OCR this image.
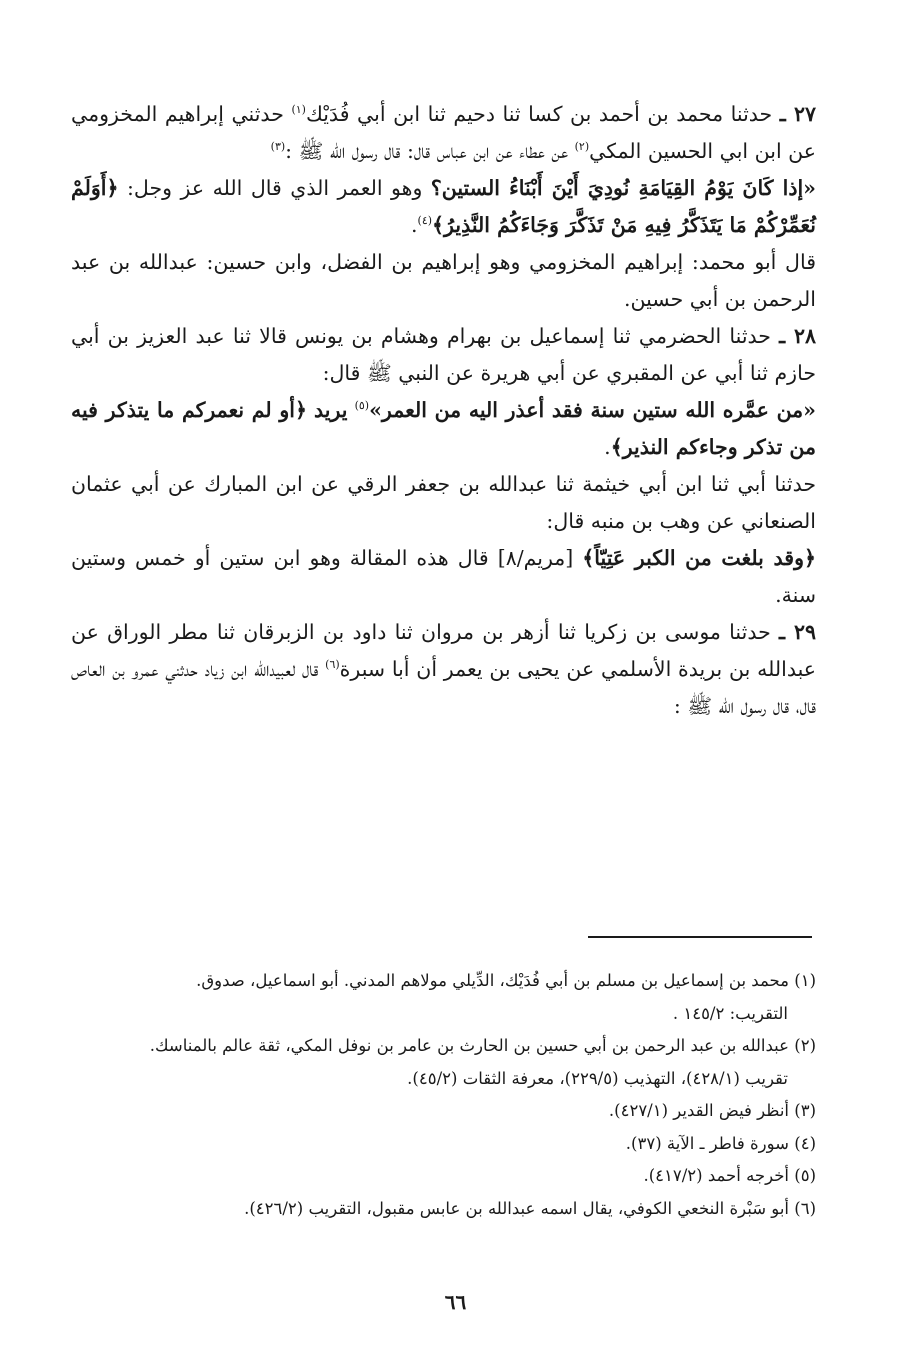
٢٧ ـ حدثنا محمد بن أحمد بن كسا ثنا دحيم ثنا ابن أبي فُدَيْك$^{(١)}$ حدثني إبراهيم المخزومي عن ابن ابي الحسين المكي$^{(٢)}$ عن عطاء عن ابن عباس قال: قال رسول الله ﷺ :$^{(٣)}$

«إذا كَانَ يَوْمُ القِيَامَةِ نُودِيَ أَيْنَ أَبْنَاءُ الستين؟ وهو العمر الذي قال الله عز وجل: ﴿أَوَلَمْ نُعَمِّرْكُمْ مَا يَتَذَكَّرُ فِيهِ مَنْ تَذَكَّرَ وَجَاءَكُمُ النَّذِيرُ﴾$^{(٤)}$.

قال أبو محمد: إبراهيم المخزومي وهو إبراهيم بن الفضل، وابن حسين: عبدالله بن عبد الرحمن بن أبي حسين.

٢٨ ـ حدثنا الحضرمي ثنا إسماعيل بن بهرام وهشام بن يونس قالا ثنا عبد العزيز بن أبي حازم ثنا أبي عن المقبري عن أبي هريرة عن النبي ﷺ قال:

«من عمَّره الله ستين سنة فقد أعذر اليه من العمر»$^{(٥)}$ يريد ﴿أو لم نعمركم ما يتذكر فيه من تذكر وجاءكم النذير﴾.

حدثنا أبي ثنا ابن أبي خيثمة ثنا عبدالله بن جعفر الرقي عن ابن المبارك عن أبي عثمان الصنعاني عن وهب بن منبه قال:

﴿وقد بلغت من الكبر عَتِيّاً﴾ [مريم/٨] قال هذه المقالة وهو ابن ستين أو خمس وستين سنة.

٢٩ ـ حدثنا موسى بن زكريا ثنا أزهر بن مروان ثنا داود بن الزبرقان ثنا مطر الوراق عن عبدالله بن بريدة الأسلمي عن يحيى بن يعمر أن أبا سبرة$^{(٦)}$ قال لعبيدالله ابن زياد حدثني عمرو بن العاص قال، قال رسول الله ﷺ :

(١) محمد بن إسماعيل بن مسلم بن أبي فُدَيْك، الدِّيلي مولاهم المدني. أبو اسماعيل، صدوق.

التقريب: ١٤٥/٢ .

(٢) عبدالله بن عبد الرحمن بن أبي حسين بن الحارث بن عامر بن نوفل المكي، ثقة عالم بالمناسك.

تقريب (٤٢٨/١)، التهذيب (٢٢٩/٥)، معرفة الثقات (٤٥/٢).

(٣) أنظر فيض القدير (٤٢٧/١).

(٤) سورة فاطر ـ الآية (٣٧).

(٥) أخرجه أحمد (٤١٧/٢).

(٦) أبو سَبْرة النخعي الكوفي، يقال اسمه عبدالله بن عابس مقبول، التقريب (٤٢٦/٢).

٦٦
